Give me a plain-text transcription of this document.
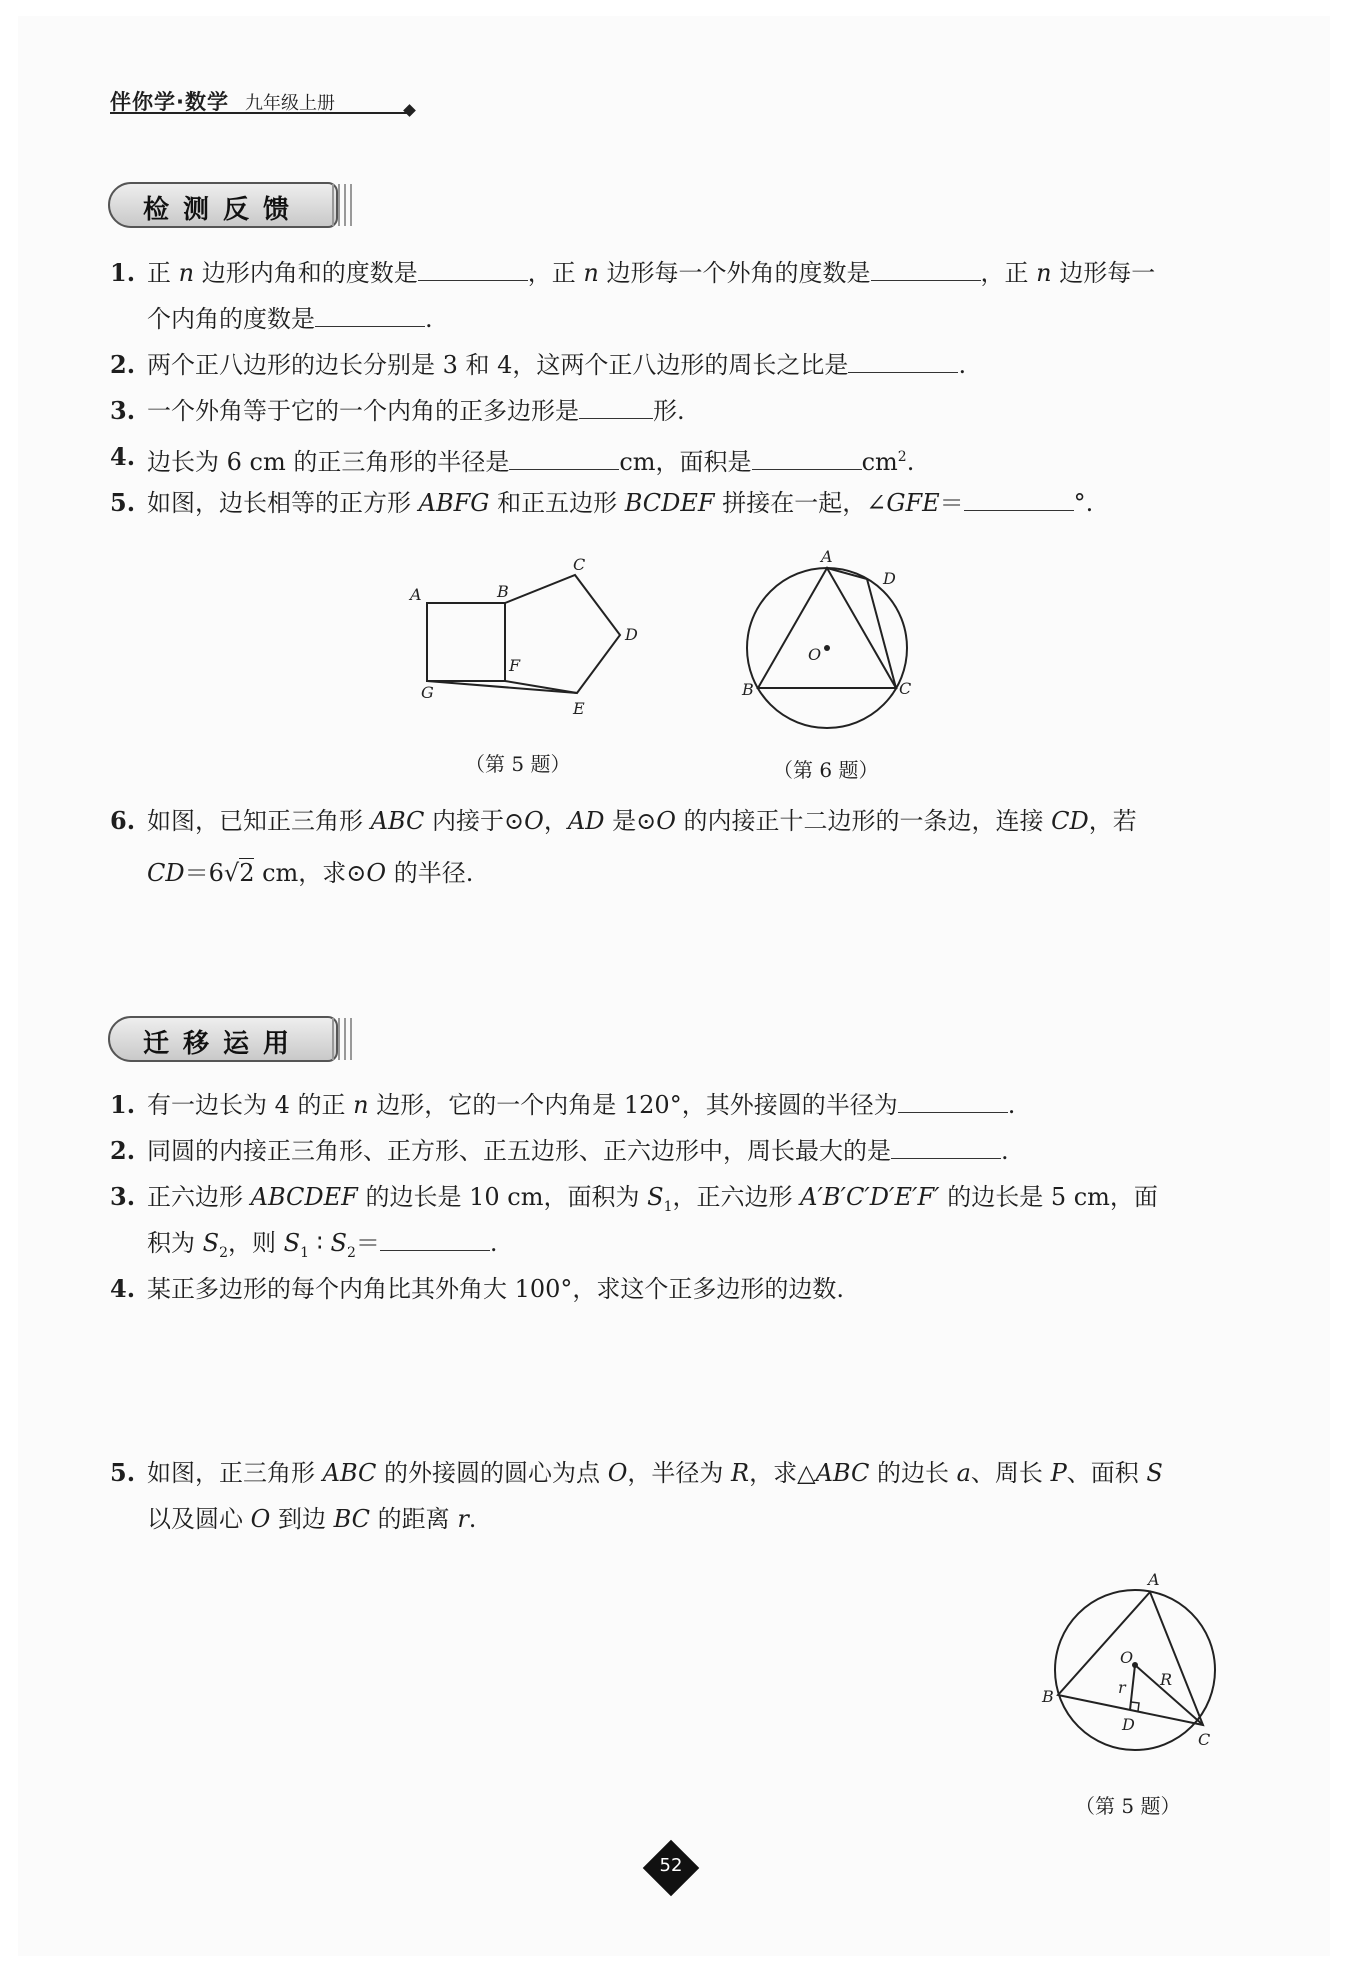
伴你学·数学 九年级上册
检测反馈
1. 正 n 边形内角和的度数是	，正 n 边形每一个外角的度数是	，正 n 边形每一
个内角的度数是	.
2. 两个正八边形的边长分别是 3 和 4，这两个正八边形的周长之比是	.
3. 一个外角等于它的一个内角的正多边形是	形.
4. 边长为 6 cm 的正三角形的半径是	cm，面积是	$cm^2$.
5. 如图，边长相等的正方形 ABFG 和正五边形 BCDEF 拼接在一起，∠GFE＝	°.
A	B
C
D
E
F
G
（第 5 题）
A
B	C
D
O
（第 6 题）
6. 如图，已知正三角形 ABC 内接于⊙O，AD 是⊙O 的内接正十二边形的一条边，连接 CD，若
CD＝6√2 cm，求⊙O 的半径.
迁移运用
1. 有一边长为 4 的正 n 边形，它的一个内角是 120°，其外接圆的半径为	.
2. 同圆的内接正三角形、正方形、正五边形、正六边形中，周长最大的是	.
3. 正六边形 ABCDEF 的边长是 10 cm，面积为 $S_1$，正六边形 A′B′C′D′E′F′ 的边长是 5 cm，面
积为 $S_2$，则 $S_1$ ∶ $S_2=$	.
4. 某正多边形的每个内角比其外角大 100°，求这个正多边形的边数.
5. 如图，正三角形 ABC 的外接圆的圆心为点 O，半径为 R，求△ABC 的边长 a、周长 P、面积 S
以及圆心 O 到边 BC 的距离 r.
A
B
C
D
O
R
r
（第 5 题）
52
